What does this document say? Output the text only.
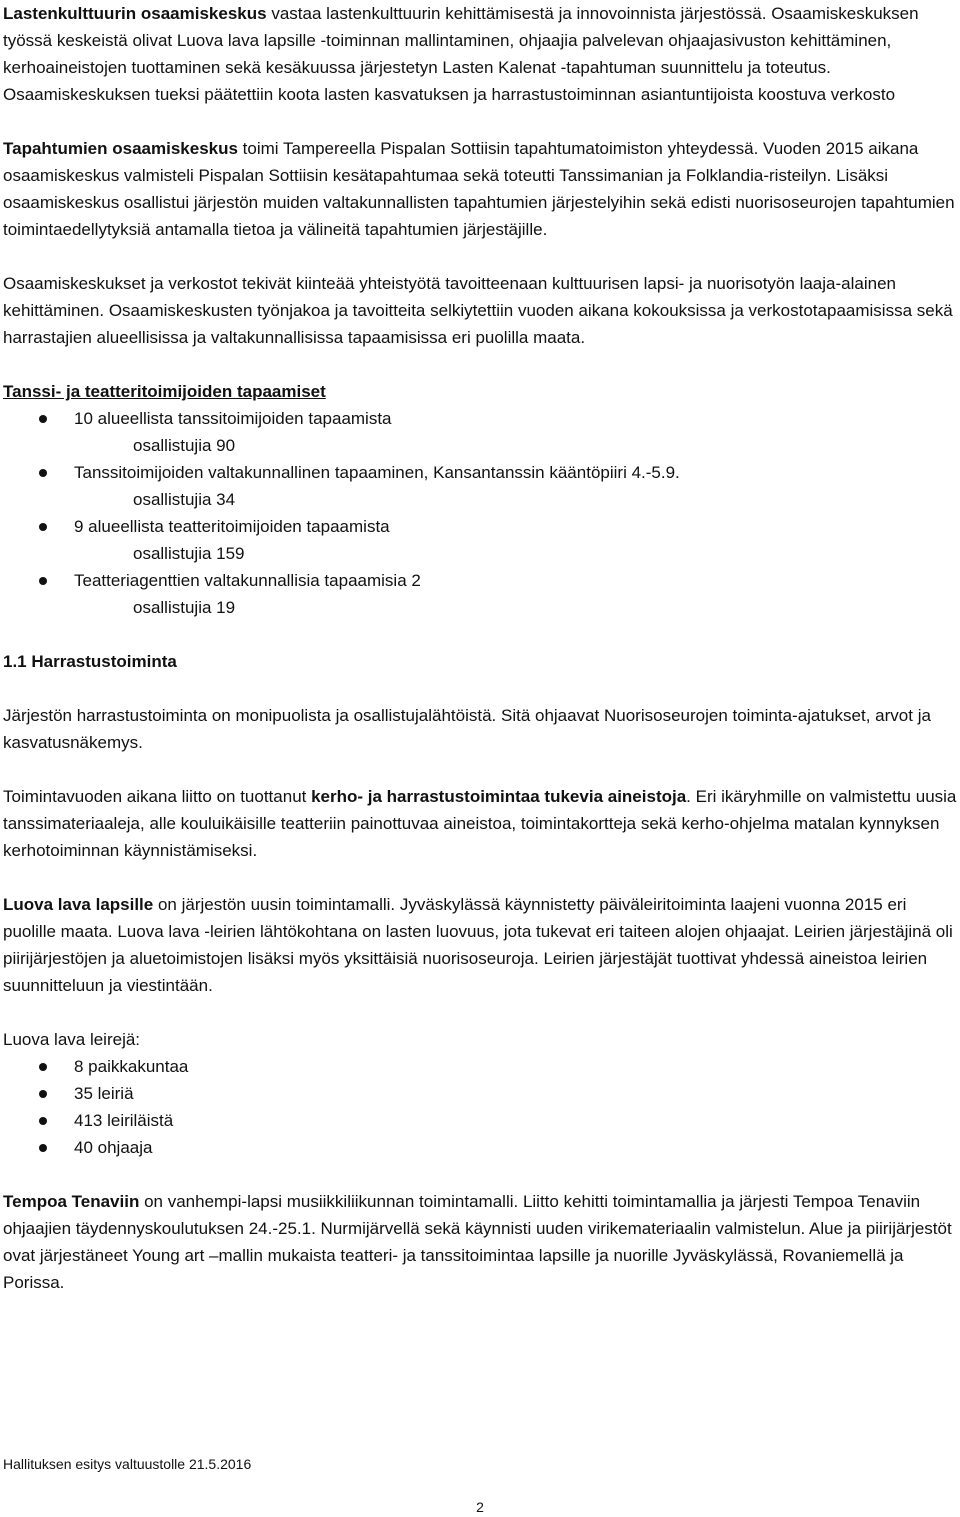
Lastenkulttuurin osaamiskeskus vastaa lastenkulttuurin kehittämisestä ja innovoinnista järjestössä. Osaamiskeskuksen työssä keskeistä olivat Luova lava lapsille -toiminnan mallintaminen, ohjaajia palvelevan ohjaajasivuston kehittäminen, kerhoaineistojen tuottaminen sekä kesäkuussa järjestetyn Lasten Kalenat -tapahtuman suunnittelu ja toteutus. Osaamiskeskuksen tueksi päätettiin koota lasten kasvatuksen ja harrastustoiminnan asiantuntijoista koostuva verkosto

Tapahtumien osaamiskeskus toimi Tampereella Pispalan Sottiisin tapahtumatoimiston yhteydessä. Vuoden 2015 aikana osaamiskeskus valmisteli Pispalan Sottiisin kesätapahtumaa sekä toteutti Tanssimanian ja Folklandia-risteilyn. Lisäksi osaamiskeskus osallistui järjestön muiden valtakunnallisten tapahtumien järjestelyihin sekä edisti nuorisoseurojen tapahtumien toimintaedellytyksiä antamalla tietoa ja välineitä tapahtumien järjestäjille.

Osaamiskeskukset ja verkostot tekivät kiinteää yhteistyötä tavoitteenaan kulttuurisen lapsi- ja nuorisotyön laaja-alainen kehittäminen. Osaamiskeskusten työnjakoa ja tavoitteita selkiytettiin vuoden aikana kokouksissa ja verkostotapaamisissa sekä harrastajien alueellisissa ja valtakunnallisissa tapaamisissa eri puolilla maata.

Tanssi- ja teatteritoimijoiden tapaamiset

10 alueellista tanssitoimijoiden tapaamista
osallistujia 90
Tanssitoimijoiden valtakunnallinen tapaaminen, Kansantanssin kääntöpiiri 4.-5.9.
osallistujia 34
9 alueellista teatteritoimijoiden tapaamista
osallistujia 159
Teatteriagenttien valtakunnallisia tapaamisia 2
osallistujia 19

1.1 Harrastustoiminta

Järjestön harrastustoiminta on monipuolista ja osallistujalähtöistä. Sitä ohjaavat Nuorisoseurojen toiminta-ajatukset, arvot ja kasvatusnäkemys.

Toimintavuoden aikana liitto on tuottanut kerho- ja harrastustoimintaa tukevia aineistoja. Eri ikäryhmille on valmistettu uusia tanssimateriaaleja, alle kouluikäisille teatteriin painottuvaa aineistoa, toimintakortteja sekä kerho-ohjelma matalan kynnyksen kerhotoiminnan käynnistämiseksi.

Luova lava lapsille on järjestön uusin toimintamalli. Jyväskylässä käynnistetty päiväleiritoiminta laajeni vuonna 2015 eri puolille maata. Luova lava -leirien lähtökohtana on lasten luovuus, jota tukevat eri taiteen alojen ohjaajat. Leirien järjestäjinä oli piirijärjestöjen ja aluetoimistojen lisäksi myös yksittäisiä nuorisoseuroja. Leirien järjestäjät tuottivat yhdessä aineistoa leirien suunnitteluun ja viestintään.

Luova lava leirejä:

8 paikkakuntaa
35 leiriä
413 leiriläistä
40 ohjaaja

Tempoa Tenaviin on vanhempi-lapsi musiikkiliikunnan toimintamalli. Liitto kehitti toimintamallia ja järjesti Tempoa Tenaviin ohjaajien täydennyskoulutuksen 24.-25.1. Nurmijärvellä sekä käynnisti uuden virikemateriaalin valmistelun. Alue ja piirijärjestöt ovat järjestäneet Young art –mallin mukaista teatteri- ja tanssitoimintaa lapsille ja nuorille Jyväskylässä, Rovaniemellä ja Porissa.

Hallituksen esitys valtuustolle 21.5.2016
2
